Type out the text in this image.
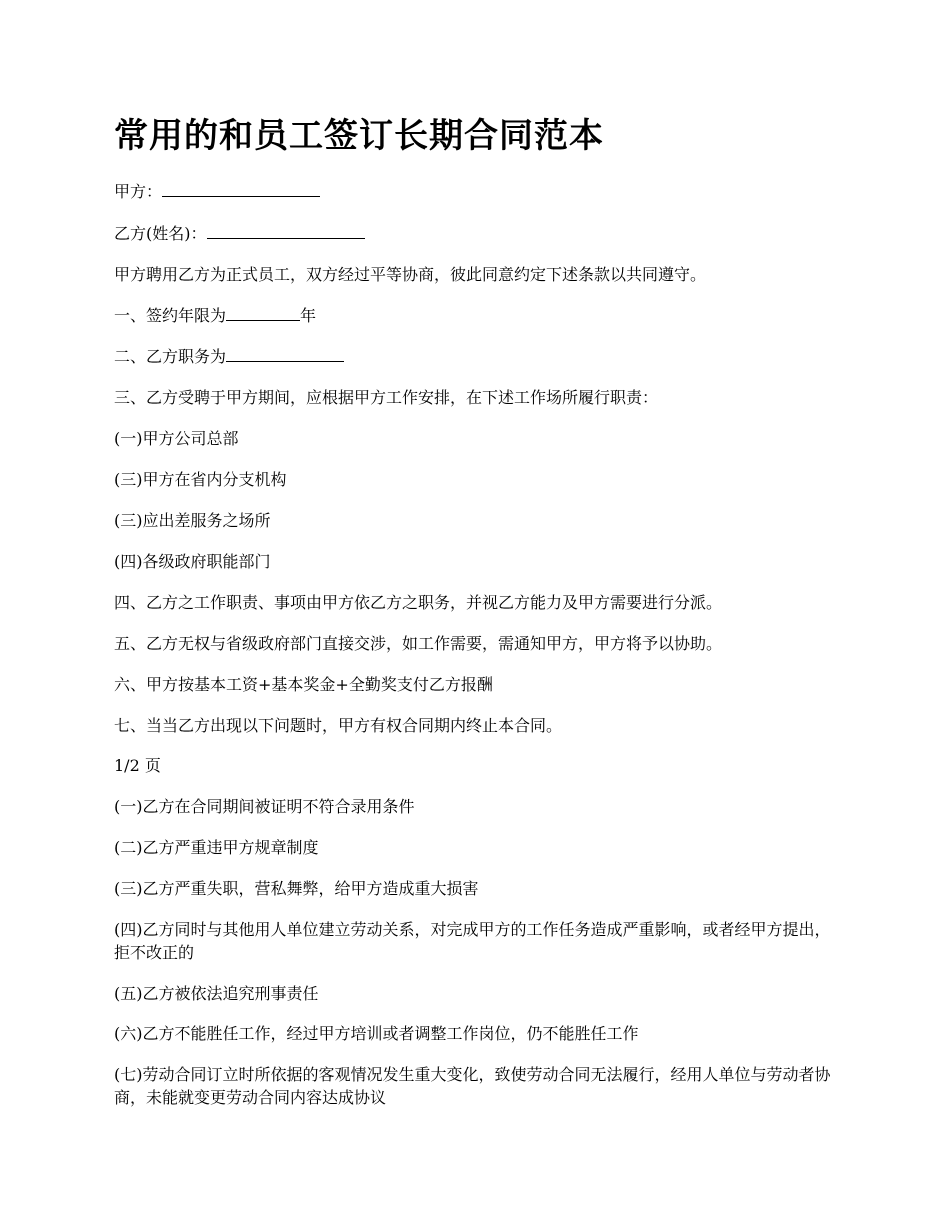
常用的和员工签订长期合同范本

甲方：

乙方(姓名)：

甲方聘用乙方为正式员工，双方经过平等协商，彼此同意约定下述条款以共同遵守。

一、签约年限为	年

二、乙方职务为

三、乙方受聘于甲方期间，应根据甲方工作安排，在下述工作场所履行职责：

(一)甲方公司总部

(三)甲方在省内分支机构

(三)应出差服务之场所

(四)各级政府职能部门

四、乙方之工作职责、事项由甲方依乙方之职务，并视乙方能力及甲方需要进行分派。

五、乙方无权与省级政府部门直接交涉，如工作需要，需通知甲方，甲方将予以协助。

六、甲方按基本工资+基本奖金+全勤奖支付乙方报酬

七、当当乙方出现以下问题时，甲方有权合同期内终止本合同。

1/2 页

(一)乙方在合同期间被证明不符合录用条件

(二)乙方严重违甲方规章制度

(三)乙方严重失职，营私舞弊，给甲方造成重大损害

(四)乙方同时与其他用人单位建立劳动关系，对完成甲方的工作任务造成严重影响，或者经甲方提出，拒不改正的

(五)乙方被依法追究刑事责任

(六)乙方不能胜任工作，经过甲方培训或者调整工作岗位，仍不能胜任工作

(七)劳动合同订立时所依据的客观情况发生重大变化，致使劳动合同无法履行，经用人单位与劳动者协商，未能就变更劳动合同内容达成协议
